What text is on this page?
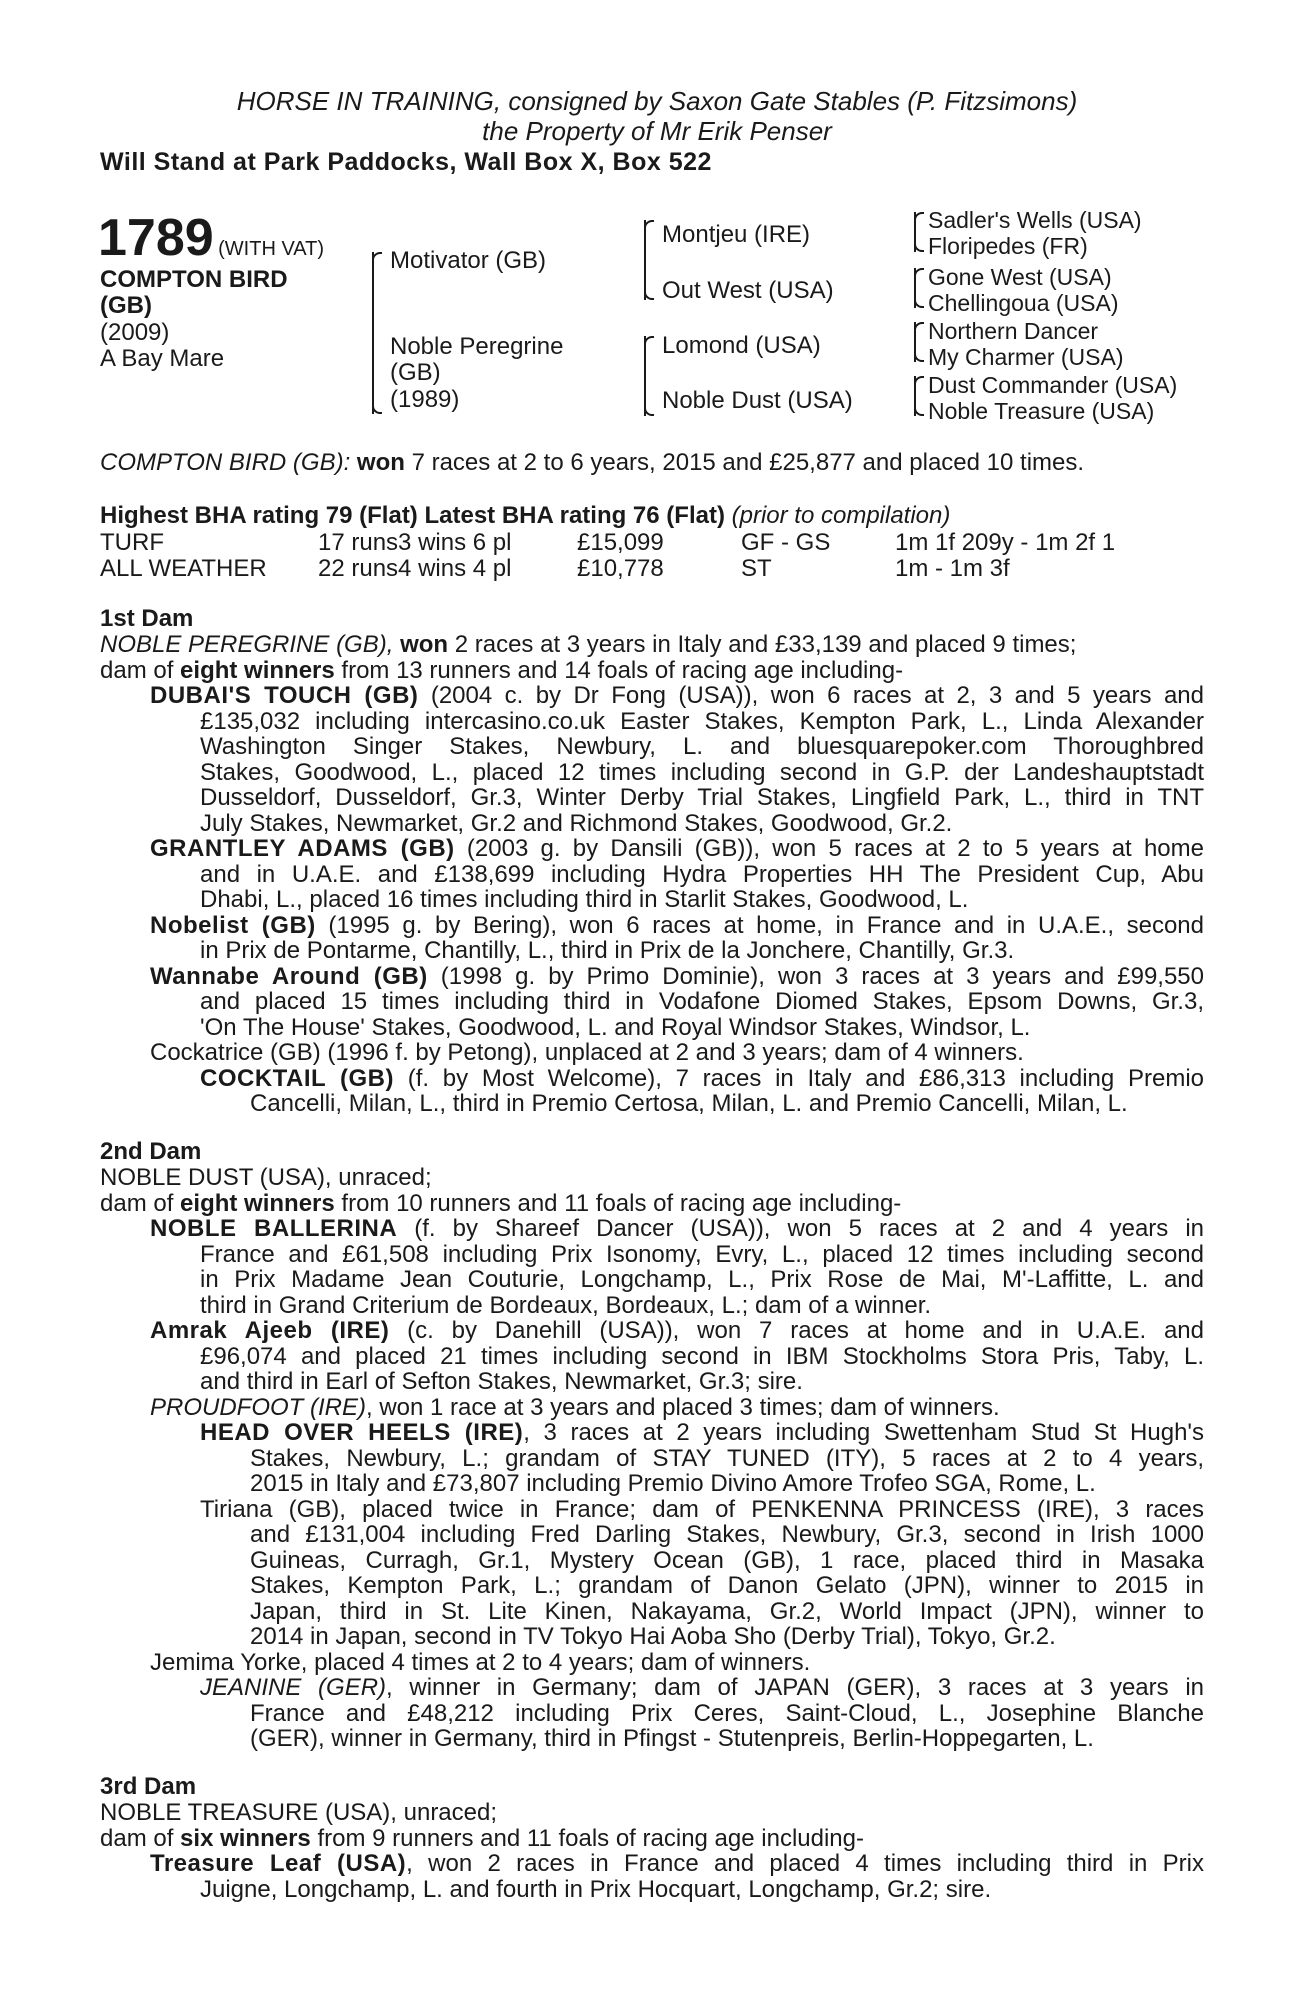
HORSE IN TRAINING, consigned by Saxon Gate Stables (P. Fitzsimons)
the Property of Mr Erik Penser
Will Stand at Park Paddocks, Wall Box X, Box 522
1789 (WITH VAT)
COMPTON BIRD
(GB)
(2009)
A Bay Mare
Motivator (GB)
Noble Peregrine
(GB)
(1989)
Montjeu (IRE)
Out West (USA)
Lomond (USA)
Noble Dust (USA)
Sadler's Wells (USA)
Floripedes (FR)
Gone West (USA)
Chellingoua (USA)
Northern Dancer
My Charmer (USA)
Dust Commander (USA)
Noble Treasure (USA)
COMPTON BIRD (GB): won 7 races at 2 to 6 years, 2015 and £25,877 and placed 10 times.
Highest BHA rating 79 (Flat) Latest BHA rating 76 (Flat) (prior to compilation)
TURF	17 runs3 wins 6 pl	£15,099	GF - GS	1m 1f 209y - 1m 2f 1
ALL WEATHER 22 runs4 wins 4 pl	£10,778	ST	1m - 1m 3f
1st Dam
NOBLE PEREGRINE (GB), won 2 races at 3 years in Italy and £33,139 and placed 9 times;
dam of eight winners from 13 runners and 14 foals of racing age including-
DUBAI'S TOUCH (GB) (2004 c. by Dr Fong (USA)), won 6 races at 2, 3 and 5 years and
£135,032 including intercasino.co.uk Easter Stakes, Kempton Park, L., Linda Alexander
Washington Singer Stakes, Newbury, L. and bluesquarepoker.com Thoroughbred
Stakes, Goodwood, L., placed 12 times including second in G.P. der Landeshauptstadt
Dusseldorf, Dusseldorf, Gr.3, Winter Derby Trial Stakes, Lingfield Park, L., third in TNT
July Stakes, Newmarket, Gr.2 and Richmond Stakes, Goodwood, Gr.2.
GRANTLEY ADAMS (GB) (2003 g. by Dansili (GB)), won 5 races at 2 to 5 years at home
and in U.A.E. and £138,699 including Hydra Properties HH The President Cup, Abu
Dhabi, L., placed 16 times including third in Starlit Stakes, Goodwood, L.
Nobelist (GB) (1995 g. by Bering), won 6 races at home, in France and in U.A.E., second
in Prix de Pontarme, Chantilly, L., third in Prix de la Jonchere, Chantilly, Gr.3.
Wannabe Around (GB) (1998 g. by Primo Dominie), won 3 races at 3 years and £99,550
and placed 15 times including third in Vodafone Diomed Stakes, Epsom Downs, Gr.3,
'On The House' Stakes, Goodwood, L. and Royal Windsor Stakes, Windsor, L.
Cockatrice (GB) (1996 f. by Petong), unplaced at 2 and 3 years; dam of 4 winners.
COCKTAIL (GB) (f. by Most Welcome), 7 races in Italy and £86,313 including Premio
Cancelli, Milan, L., third in Premio Certosa, Milan, L. and Premio Cancelli, Milan, L.
2nd Dam
NOBLE DUST (USA), unraced;
dam of eight winners from 10 runners and 11 foals of racing age including-
NOBLE BALLERINA (f. by Shareef Dancer (USA)), won 5 races at 2 and 4 years in
France and £61,508 including Prix Isonomy, Evry, L., placed 12 times including second
in Prix Madame Jean Couturie, Longchamp, L., Prix Rose de Mai, M'-Laffitte, L. and
third in Grand Criterium de Bordeaux, Bordeaux, L.; dam of a winner.
Amrak Ajeeb (IRE) (c. by Danehill (USA)), won 7 races at home and in U.A.E. and
£96,074 and placed 21 times including second in IBM Stockholms Stora Pris, Taby, L.
and third in Earl of Sefton Stakes, Newmarket, Gr.3; sire.
PROUDFOOT (IRE), won 1 race at 3 years and placed 3 times; dam of winners.
HEAD OVER HEELS (IRE), 3 races at 2 years including Swettenham Stud St Hugh's
Stakes, Newbury, L.; grandam of STAY TUNED (ITY), 5 races at 2 to 4 years,
2015 in Italy and £73,807 including Premio Divino Amore Trofeo SGA, Rome, L.
Tiriana (GB), placed twice in France; dam of PENKENNA PRINCESS (IRE), 3 races
and £131,004 including Fred Darling Stakes, Newbury, Gr.3, second in Irish 1000
Guineas, Curragh, Gr.1, Mystery Ocean (GB), 1 race, placed third in Masaka
Stakes, Kempton Park, L.; grandam of Danon Gelato (JPN), winner to 2015 in
Japan, third in St. Lite Kinen, Nakayama, Gr.2, World Impact (JPN), winner to
2014 in Japan, second in TV Tokyo Hai Aoba Sho (Derby Trial), Tokyo, Gr.2.
Jemima Yorke, placed 4 times at 2 to 4 years; dam of winners.
JEANINE (GER), winner in Germany; dam of JAPAN (GER), 3 races at 3 years in
France and £48,212 including Prix Ceres, Saint-Cloud, L., Josephine Blanche
(GER), winner in Germany, third in Pfingst - Stutenpreis, Berlin-Hoppegarten, L.
3rd Dam
NOBLE TREASURE (USA), unraced;
dam of six winners from 9 runners and 11 foals of racing age including-
Treasure Leaf (USA), won 2 races in France and placed 4 times including third in Prix
Juigne, Longchamp, L. and fourth in Prix Hocquart, Longchamp, Gr.2; sire.
